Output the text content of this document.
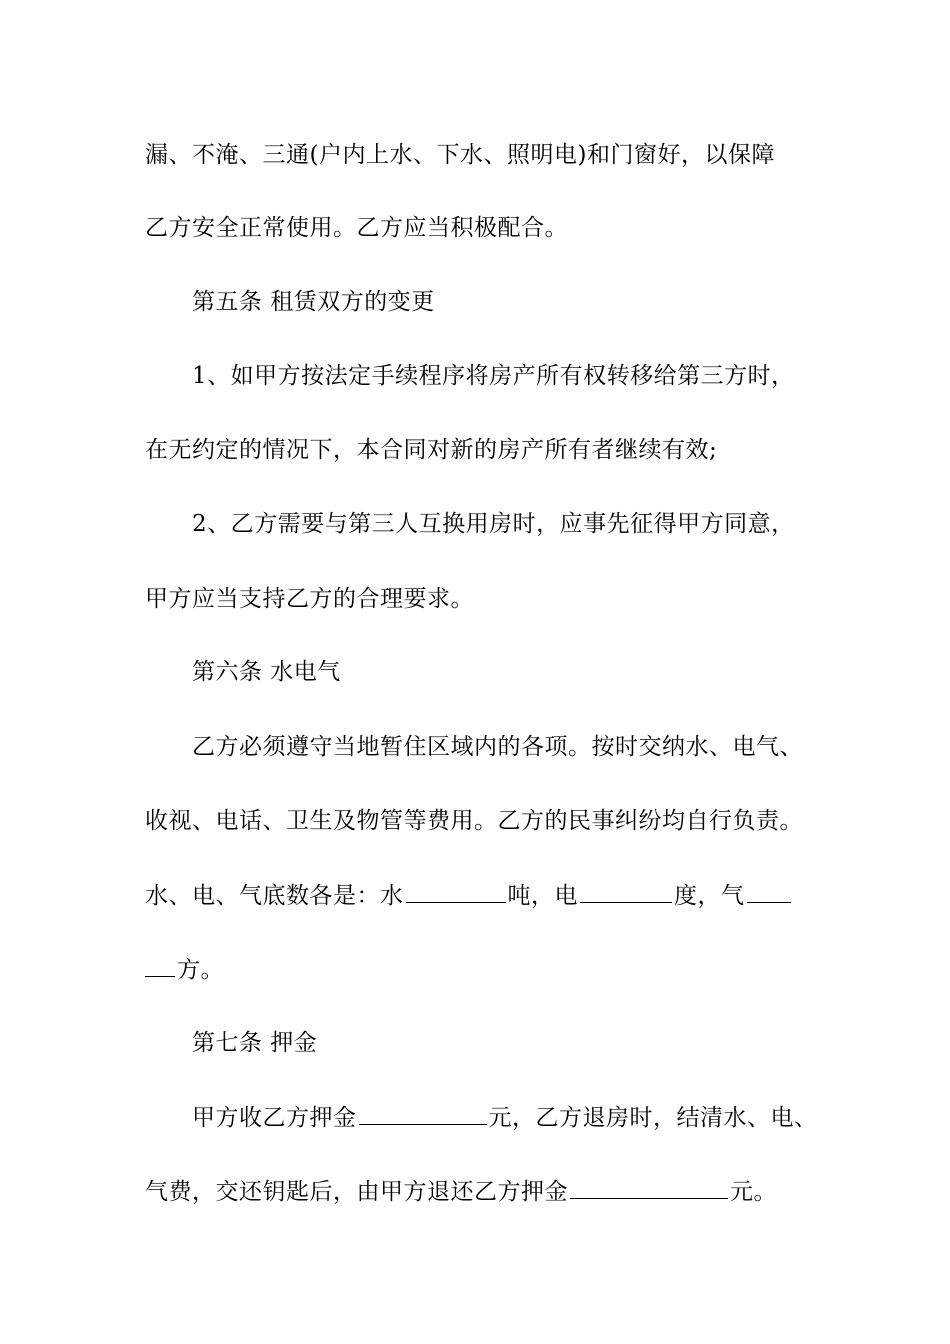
漏、不淹、三通(户内上水、下水、照明电)和门窗好，以保障
乙方安全正常使用。乙方应当积极配合。
第五条 租赁双方的变更
1、如甲方按法定手续程序将房产所有权转移给第三方时，
在无约定的情况下，本合同对新的房产所有者继续有效;
2、乙方需要与第三人互换用房时，应事先征得甲方同意，
甲方应当支持乙方的合理要求。
第六条 水电气
乙方必须遵守当地暂住区域内的各项。按时交纳水、电气、
收视、电话、卫生及物管等费用。乙方的民事纠纷均自行负责。
水、电、气底数各是：水	吨，电	度，气
方。
第七条 押金
甲方收乙方押金	元，乙方退房时，结清水、电、
气费，交还钥匙后，由甲方退还乙方押金	元。
